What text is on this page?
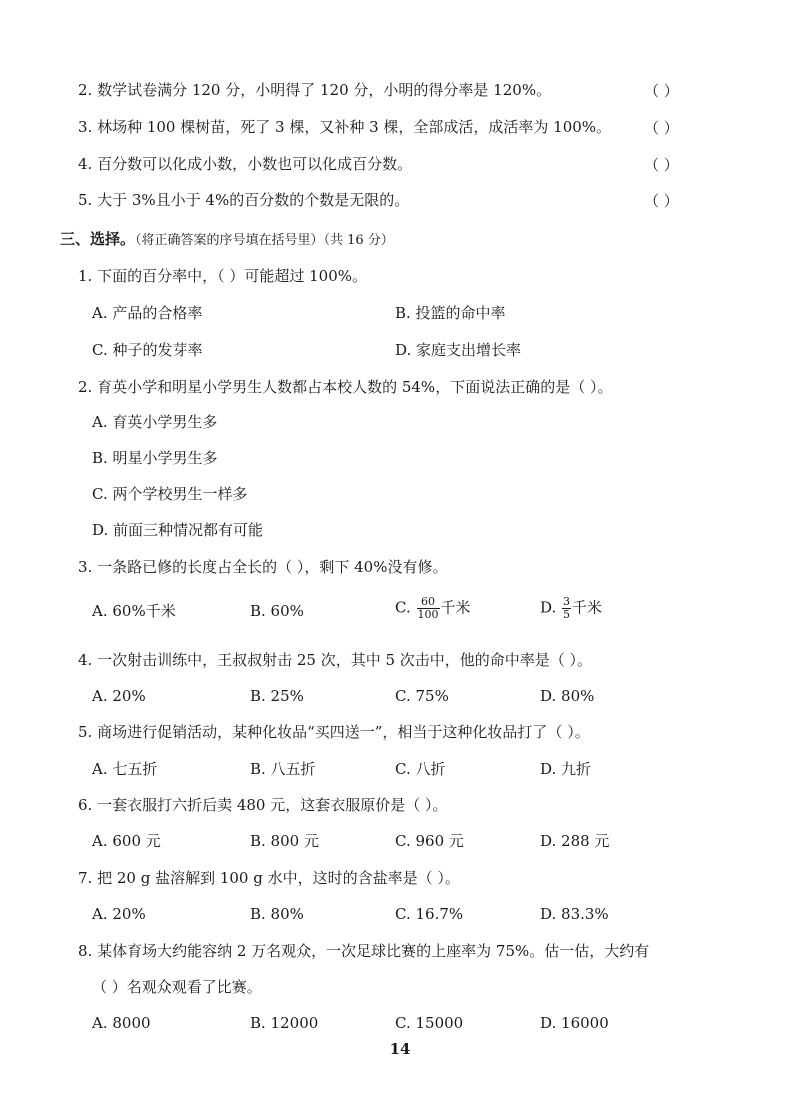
2. 数学试卷满分 120 分，小明得了 120 分，小明的得分率是 120%。	（ ）
3. 林场种 100 棵树苗，死了 3 棵，又补种 3 棵，全部成活，成活率为 100%。 （ ）
4. 百分数可以化成小数，小数也可以化成百分数。	（ ）
5. 大于 3%且小于 4%的百分数的个数是无限的。	（ ）
三、选择。（将正确答案的序号填在括号里）（共 16 分）
1. 下面的百分率中，（ ）可能超过 100%。
A. 产品的合格率	B. 投篮的命中率
C. 种子的发芽率	D. 家庭支出增长率
2. 育英小学和明星小学男生人数都占本校人数的 54%，下面说法正确的是（ ）。
A. 育英小学男生多
B. 明星小学男生多
C. 两个学校男生一样多
D. 前面三种情况都有可能
3. 一条路已修的长度占全长的（ ），剩下 40%没有修。
A. 60%千米	B. 60%	C. $\frac{60}{100}$ 千米	D. $\frac{3}{5}$ 千米
4. 一次射击训练中，王叔叔射击 25 次，其中 5 次击中，他的命中率是（ ）。
A. 20%	B. 25%	C. 75%	D. 80%
5. 商场进行促销活动，某种化妆品“买四送一”，相当于这种化妆品打了（ ）。
A. 七五折	B. 八五折	C. 八折	D. 九折
6. 一套衣服打六折后卖 480 元，这套衣服原价是（ ）。
A. 600 元	B. 800 元	C. 960 元	D. 288 元
7. 把 20 g 盐溶解到 100 g 水中，这时的含盐率是（ ）。
A. 20%	B. 80%	C. 16.7%	D. 83.3%
8. 某体育场大约能容纳 2 万名观众，一次足球比赛的上座率为 75%。估一估，大约有
（ ）名观众观看了比赛。
A. 8000	B. 12000	C. 15000	D. 16000
14
